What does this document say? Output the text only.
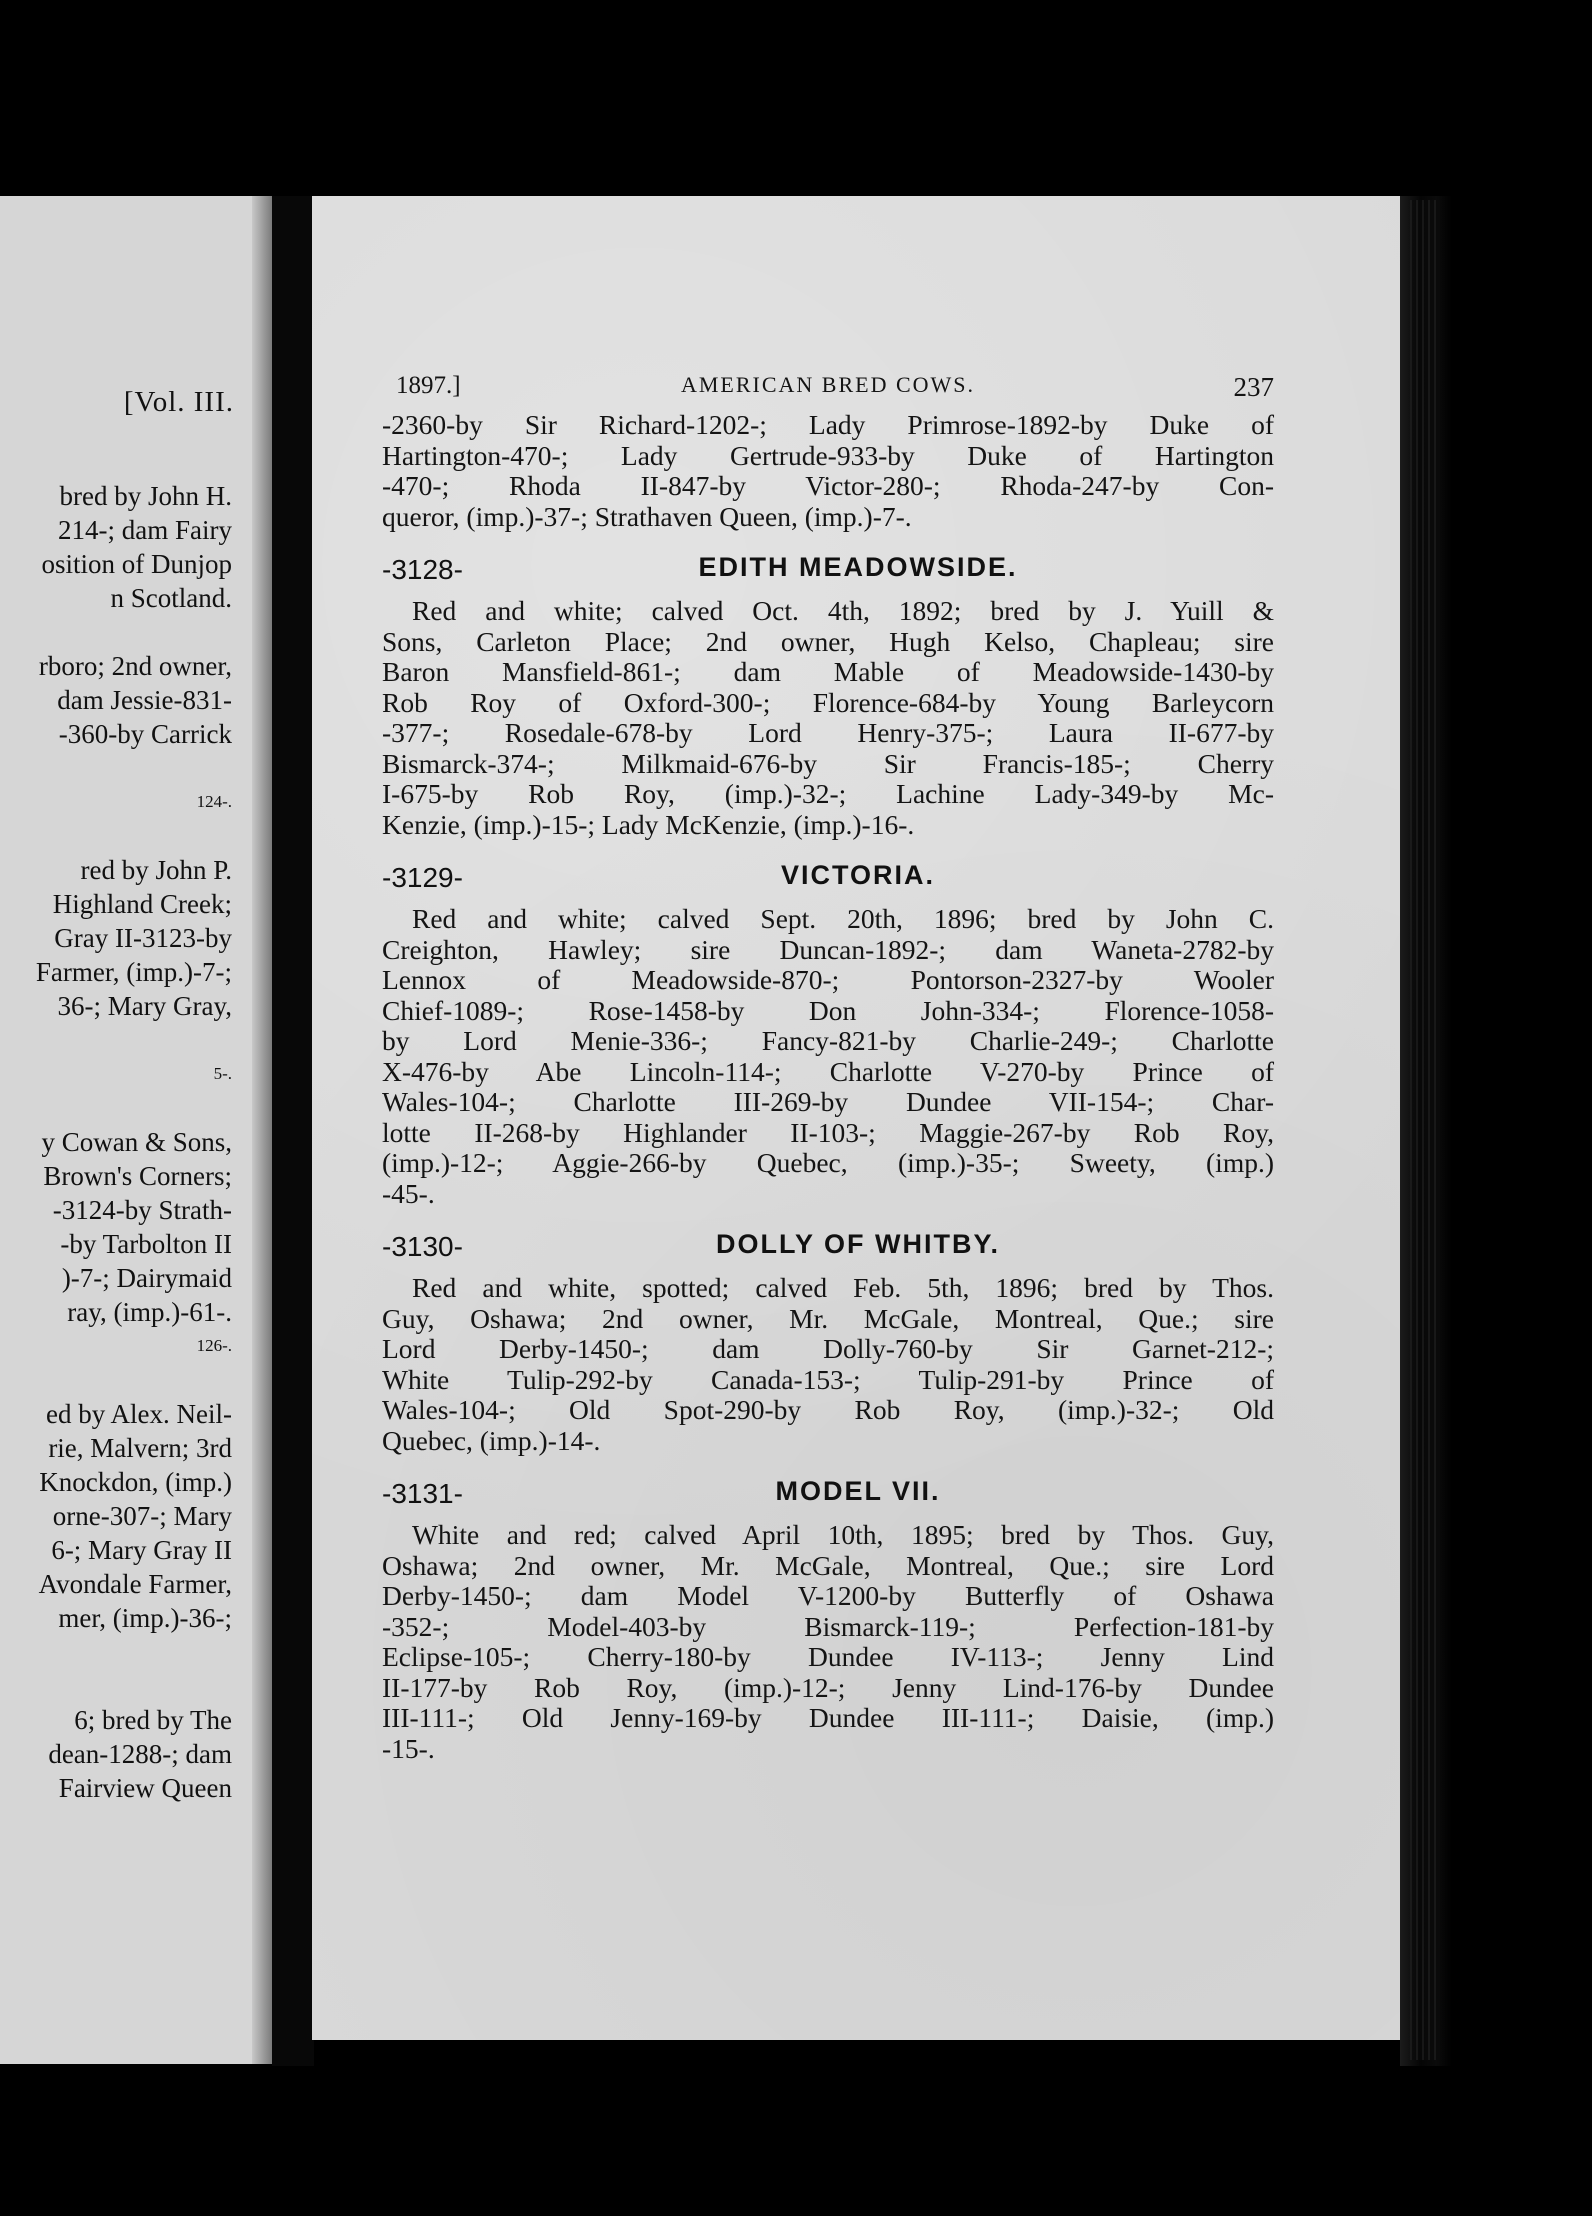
[Vol. III.
bred by John H.
214-; dam Fairy
osition of Dunjop
n Scotland.
rboro; 2nd owner,
dam Jessie-831-
-360-by Carrick
124-.
red by John P.
Highland Creek;
Gray II-3123-by
Farmer, (imp.)-7-;
36-; Mary Gray,
5-.
y Cowan & Sons,
Brown's Corners;
-3124-by Strath-
-by Tarbolton II
)-7-; Dairymaid
ray, (imp.)-61-.
126-.
ed by Alex. Neil-
rie, Malvern; 3rd
Knockdon, (imp.)
orne-307-; Mary
6-; Mary Gray II
Avondale Farmer,
mer, (imp.)-36-;
6; bred by The
dean-1288-; dam
Fairview Queen
1897.]	AMERICAN BRED COWS.	237
-2360-by Sir Richard-1202-; Lady Primrose-1892-by Duke of
Hartington-470-; Lady Gertrude-933-by Duke of Hartington
-470-; Rhoda II-847-by Victor-280-; Rhoda-247-by Con-
queror, (imp.)-37-; Strathaven Queen, (imp.)-7-.
-3128-	EDITH MEADOWSIDE.
Red and white; calved Oct. 4th, 1892; bred by J. Yuill &
Sons, Carleton Place; 2nd owner, Hugh Kelso, Chapleau; sire
Baron Mansfield-861-; dam Mable of Meadowside-1430-by
Rob Roy of Oxford-300-; Florence-684-by Young Barleycorn
-377-; Rosedale-678-by Lord Henry-375-; Laura II-677-by
Bismarck-374-; Milkmaid-676-by Sir Francis-185-; Cherry
I-675-by Rob Roy, (imp.)-32-; Lachine Lady-349-by Mc-
Kenzie, (imp.)-15-; Lady McKenzie, (imp.)-16-.
-3129-	VICTORIA.
Red and white; calved Sept. 20th, 1896; bred by John C.
Creighton, Hawley; sire Duncan-1892-; dam Waneta-2782-by
Lennox of Meadowside-870-; Pontorson-2327-by Wooler
Chief-1089-; Rose-1458-by Don John-334-; Florence-1058-
by Lord Menie-336-; Fancy-821-by Charlie-249-; Charlotte
X-476-by Abe Lincoln-114-; Charlotte V-270-by Prince of
Wales-104-; Charlotte III-269-by Dundee VII-154-; Char-
lotte II-268-by Highlander II-103-; Maggie-267-by Rob Roy,
(imp.)-12-; Aggie-266-by Quebec, (imp.)-35-; Sweety, (imp.)
-45-.
-3130-	DOLLY OF WHITBY.
Red and white, spotted; calved Feb. 5th, 1896; bred by Thos.
Guy, Oshawa; 2nd owner, Mr. McGale, Montreal, Que.; sire
Lord Derby-1450-; dam Dolly-760-by Sir Garnet-212-;
White Tulip-292-by Canada-153-; Tulip-291-by Prince of
Wales-104-; Old Spot-290-by Rob Roy, (imp.)-32-; Old
Quebec, (imp.)-14-.
-3131-	MODEL VII.
White and red; calved April 10th, 1895; bred by Thos. Guy,
Oshawa; 2nd owner, Mr. McGale, Montreal, Que.; sire Lord
Derby-1450-; dam Model V-1200-by Butterfly of Oshawa
-352-; Model-403-by Bismarck-119-; Perfection-181-by
Eclipse-105-; Cherry-180-by Dundee IV-113-; Jenny Lind
II-177-by Rob Roy, (imp.)-12-; Jenny Lind-176-by Dundee
III-111-; Old Jenny-169-by Dundee III-111-; Daisie, (imp.)
-15-.
